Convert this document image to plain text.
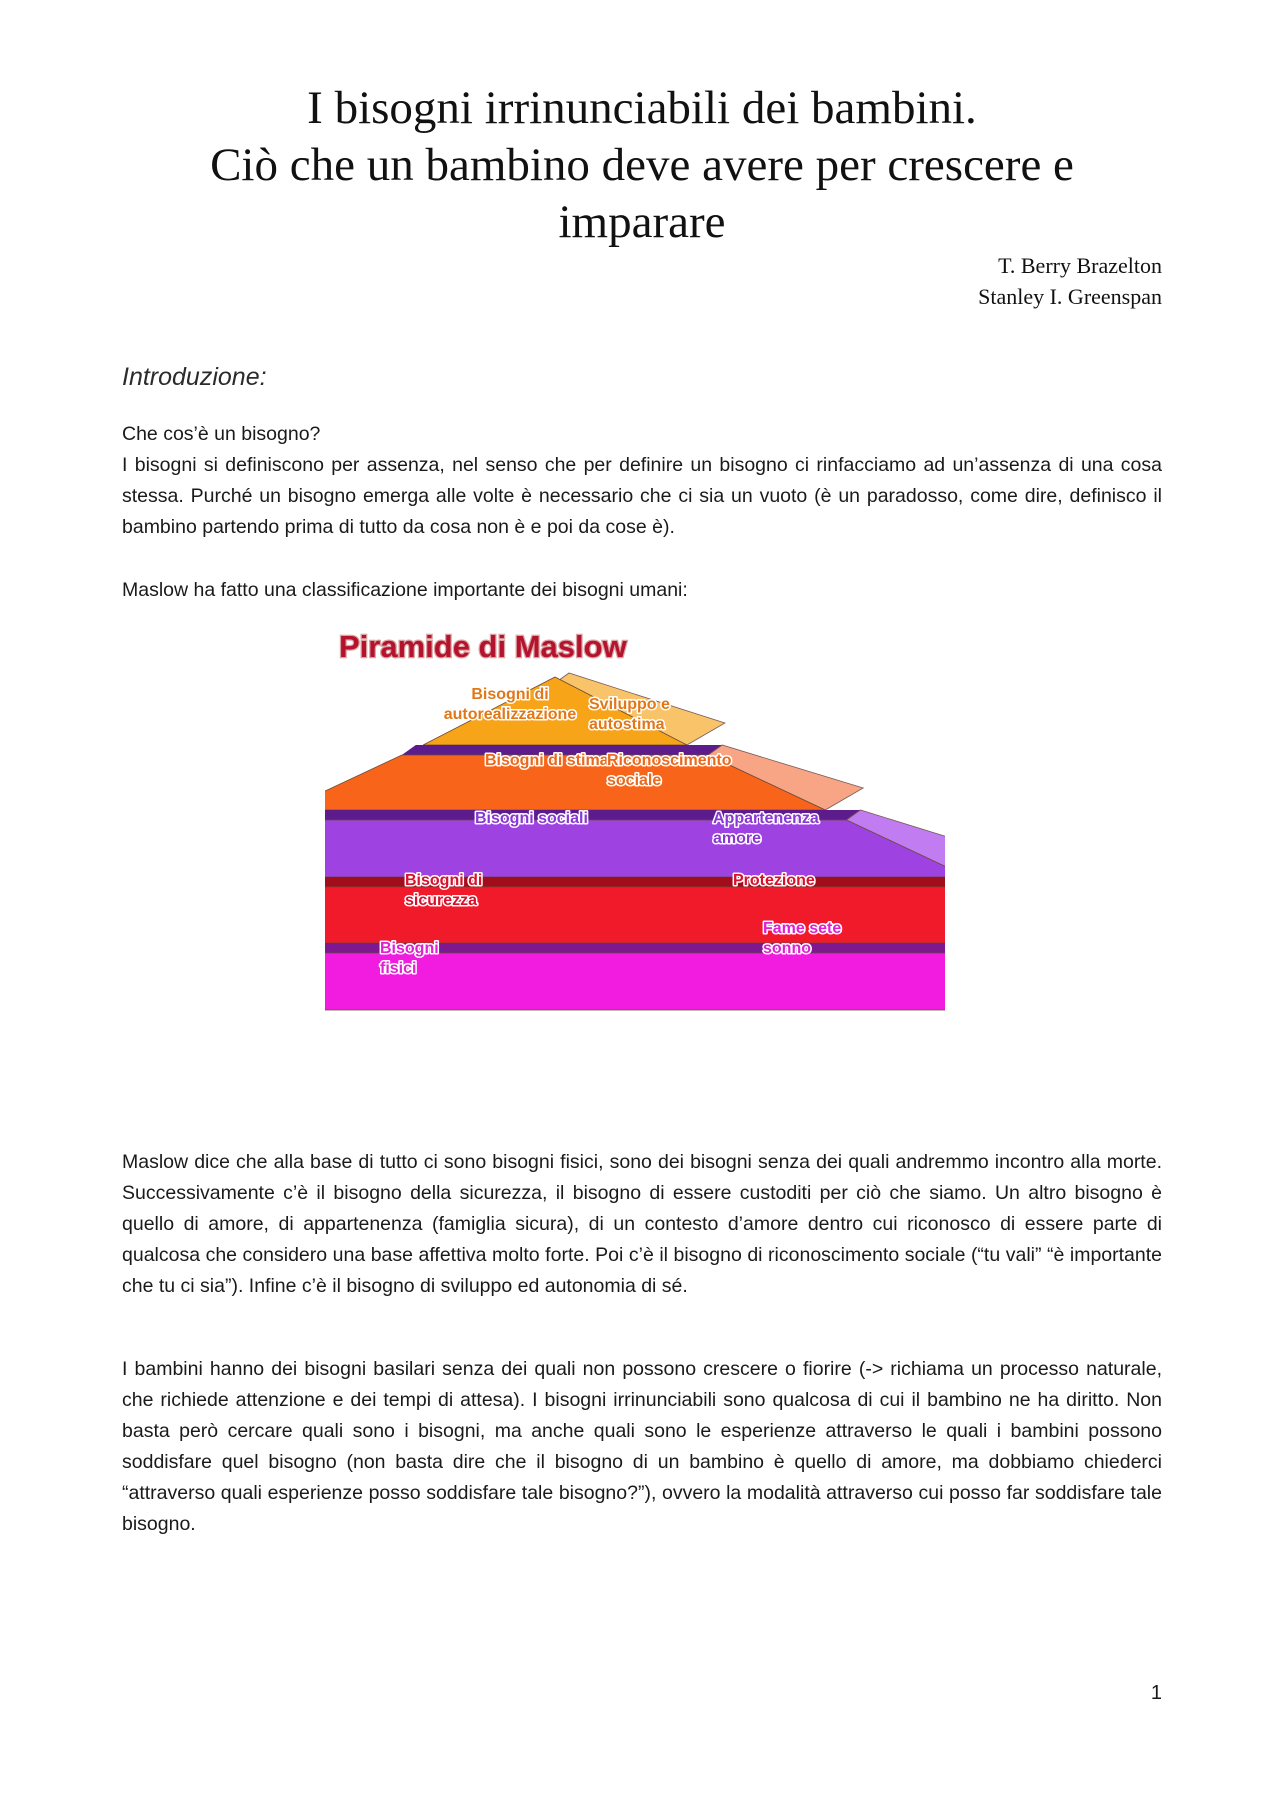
I bisogni irrinunciabili dei bambini.
Ciò che un bambino deve avere per crescere e
imparare
T. Berry Brazelton
Stanley I. Greenspan
Introduzione:

Che cos’è un bisogno?

I bisogni si definiscono per assenza, nel senso che per definire un bisogno ci rinfacciamo ad un’assenza di una cosa stessa. Purché un bisogno emerga alle volte è necessario che ci sia un vuoto (è un paradosso, come dire, definisco il bambino partendo prima di tutto da cosa non è e poi da cose è).

Maslow ha fatto una classificazione importante dei bisogni umani:

Piramide di Maslow
Bisogni di
autorealizzazione
Sviluppo e
autostima
Bisogni di stima
Riconoscimento
sociale
Bisogni sociali	Appartenenza
amore
Bisogni di
sicurezza
Protezione
Bisogni
fisici
Fame sete
sonno

Maslow dice che alla base di tutto ci sono bisogni fisici, sono dei bisogni senza dei quali andremmo incontro alla morte. Successivamente c’è il bisogno della sicurezza, il bisogno di essere custoditi per ciò che siamo. Un altro bisogno è quello di amore, di appartenenza (famiglia sicura), di un contesto d’amore dentro cui riconosco di essere parte di qualcosa che considero una base affettiva molto forte. Poi c’è il bisogno di riconoscimento sociale (“tu vali” “è importante che tu ci sia”). Infine c’è il bisogno di sviluppo ed autonomia di sé.

I bambini hanno dei bisogni basilari senza dei quali non possono crescere o fiorire (-> richiama un processo naturale, che richiede attenzione e dei tempi di attesa). I bisogni irrinunciabili sono qualcosa di cui il bambino ne ha diritto. Non basta però cercare quali sono i bisogni, ma anche quali sono le esperienze attraverso le quali i bambini possono soddisfare quel bisogno (non basta dire che il bisogno di un bambino è quello di amore, ma dobbiamo chiederci “attraverso quali esperienze posso soddisfare tale bisogno?”), ovvero la modalità attraverso cui posso far soddisfare tale bisogno.

1
